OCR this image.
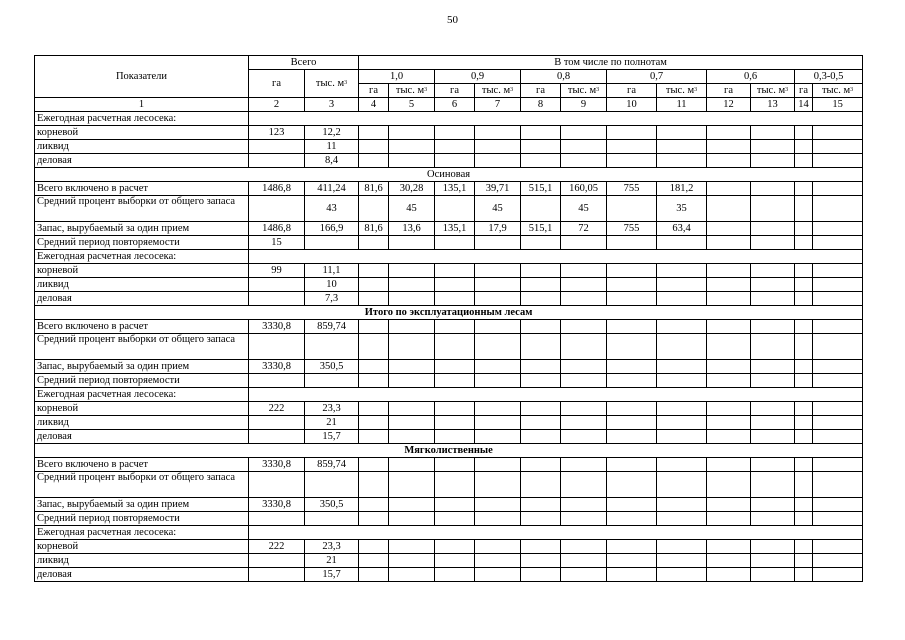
50
Показатели	Всего		В том числе по полнотам											
	га	тыс. $м^3$	1,0		0,9		0,8		0,7		0,6		0,3-0,5	
			га	тыс. $м^3$	га	тыс. $м^3$	га	тыс. $м^3$	га	тыс. $м^3$	га	тыс. $м^3$	га	тыс. $м^3$
1	2	3	4	5	6	7	8	9	10	11	12	13	14	15
Ежегодная расчетная лесосека:														
корневой	123	12,2												
ликвид		11												
деловая		8,4												
Осиновая														
Всего включено в расчет	1486,8	411,24	81,6	30,28	135,1	39,71	515,1	160,05	755	181,2				
Средний процент выборки от общего запаса		43		45		45		45		35				
Запас, вырубаемый за один прием	1486,8	166,9	81,6	13,6	135,1	17,9	515,1	72	755	63,4				
Средний период повторяемости	15													
Ежегодная расчетная лесосека:														
корневой	99	11,1												
ликвид		10												
деловая		7,3												
Итого по эксплуатационным лесам														
Всего включено в расчет	3330,8	859,74												
Средний процент выборки от общего запаса														
Запас, вырубаемый за один прием	3330,8	350,5												
Средний период повторяемости														
Ежегодная расчетная лесосека:														
корневой	222	23,3												
ликвид		21												
деловая		15,7												
Мягколиственные														
Всего включено в расчет	3330,8	859,74												
Средний процент выборки от общего запаса														
Запас, вырубаемый за один прием	3330,8	350,5												
Средний период повторяемости														
Ежегодная расчетная лесосека:														
корневой	222	23,3												
ликвид		21												
деловая		15,7												
